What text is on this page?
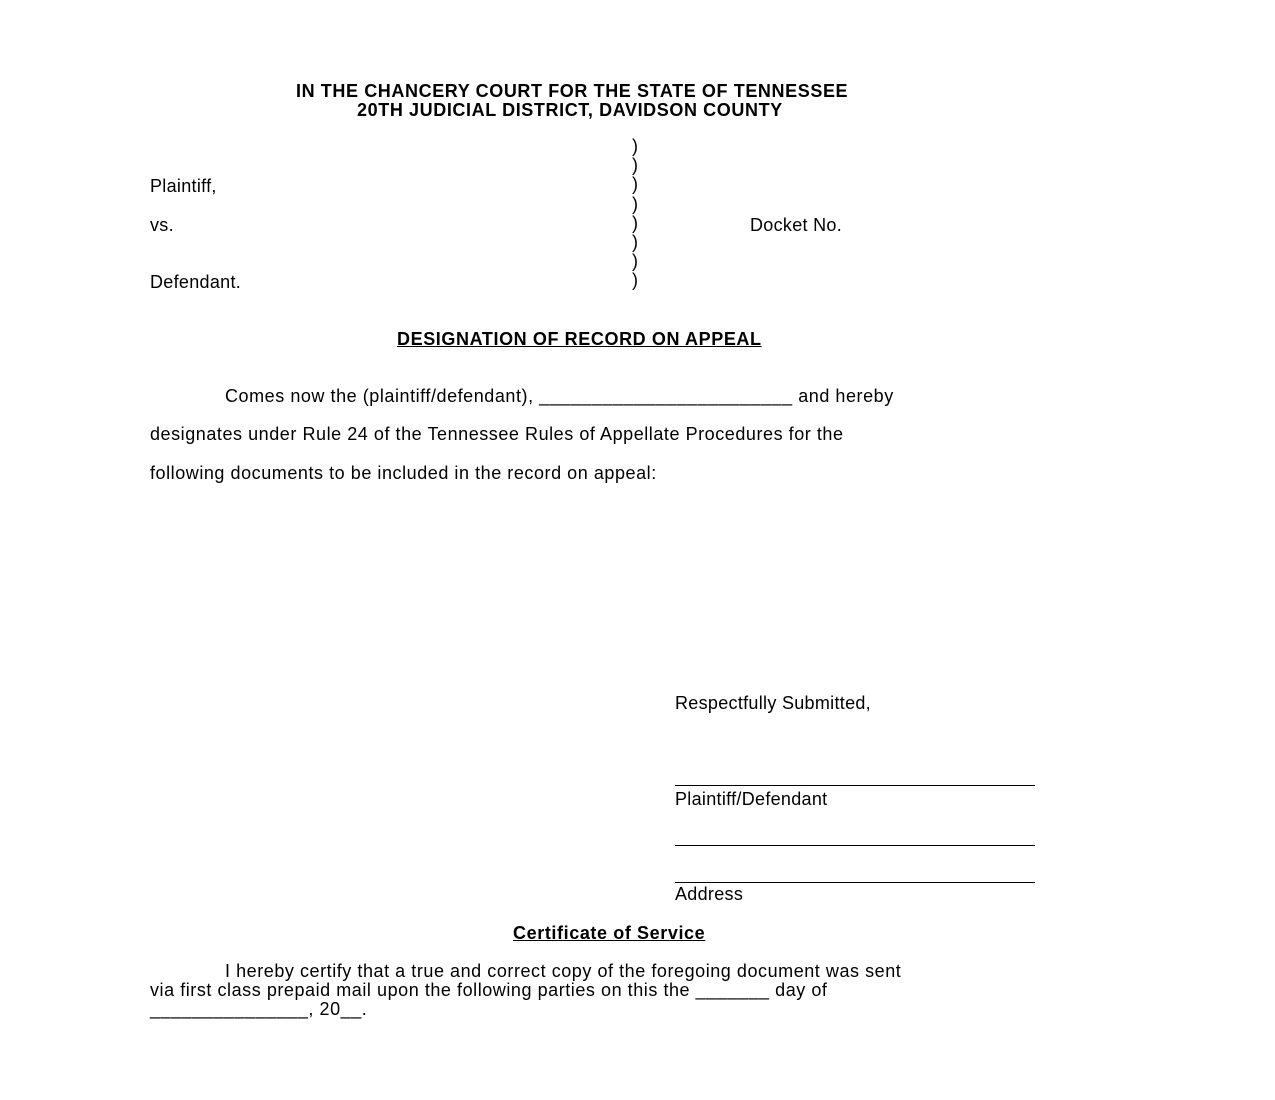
IN THE CHANCERY COURT FOR THE STATE OF TENNESSEE
20TH JUDICIAL DISTRICT, DAVIDSON COUNTY
Plaintiff,
vs.
Defendant.
Docket No.
)
)
)
)
)
)
)
)
DESIGNATION OF RECORD ON APPEAL
Comes now the (plaintiff/defendant), ________________________ and hereby
designates under Rule 24 of the Tennessee Rules of Appellate Procedures for the
following documents to be included in the record on appeal:
Respectfully Submitted,
Plaintiff/Defendant
Address
Certificate of Service
I hereby certify that a true and correct copy of the foregoing document was sent
via first class prepaid mail upon the following parties on this the _______ day of
_______________, 20__.
